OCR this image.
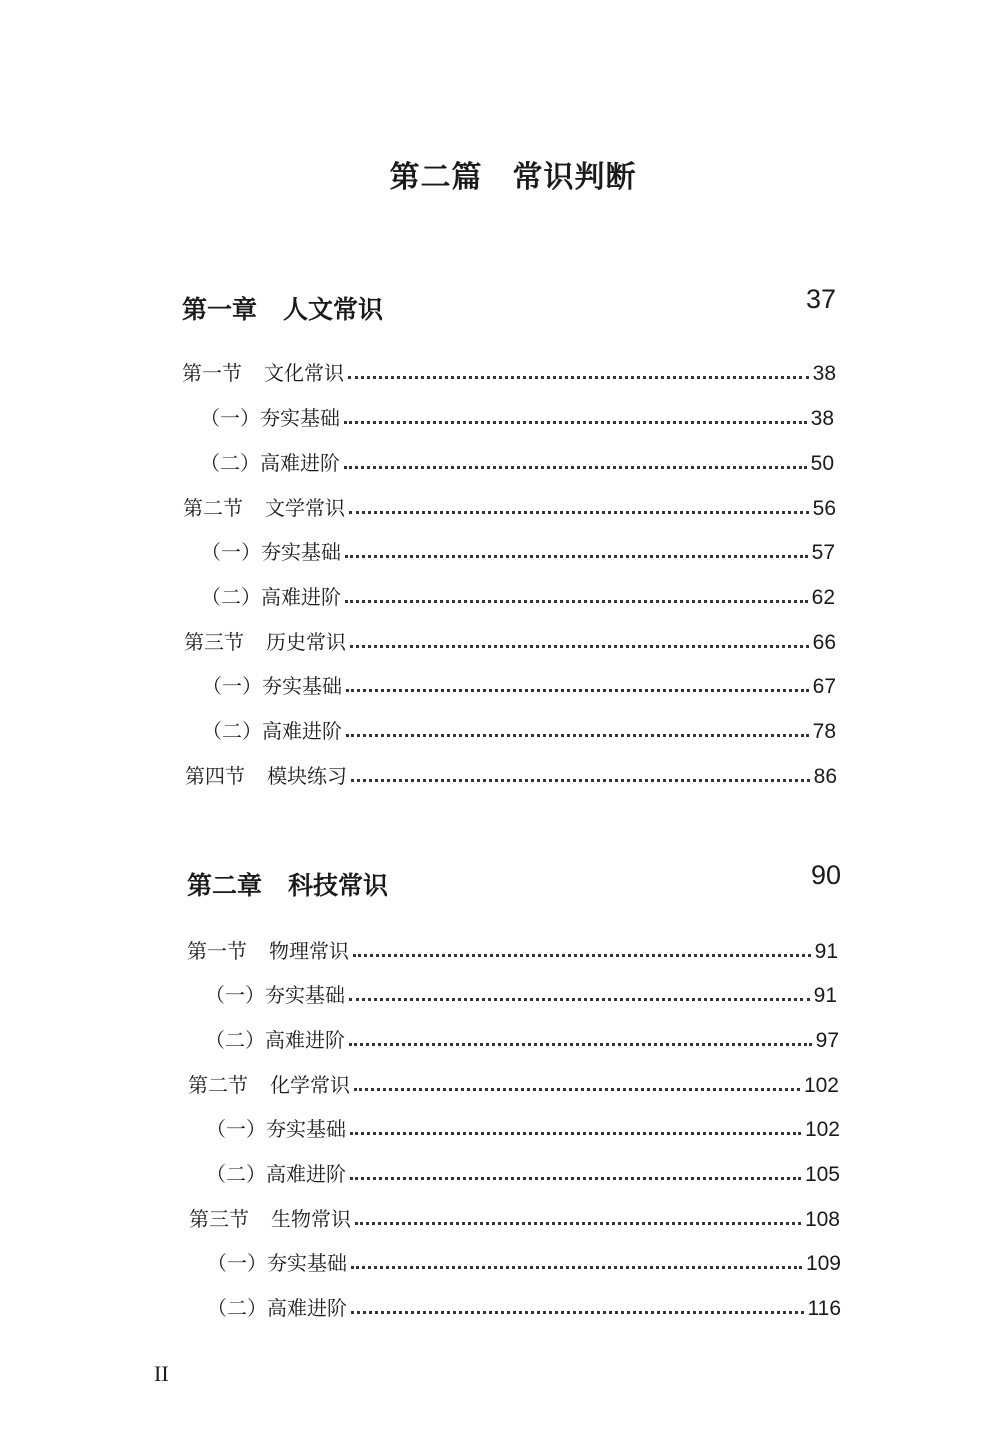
第二篇 常识判断
第一章 人文常识	37
第一节 文化常识	38
（一）夯实基础	38
（二）高难进阶	50
第二节 文学常识	56
（一）夯实基础	57
（二）高难进阶	62
第三节 历史常识	66
（一）夯实基础	67
（二）高难进阶	78
第四节 模块练习	86
第二章 科技常识	90
第一节 物理常识	91
（一）夯实基础	91
（二）高难进阶	97
第二节 化学常识	102
（一）夯实基础	102
（二）高难进阶	105
第三节 生物常识	108
（一）夯实基础	109
（二）高难进阶	116
II
